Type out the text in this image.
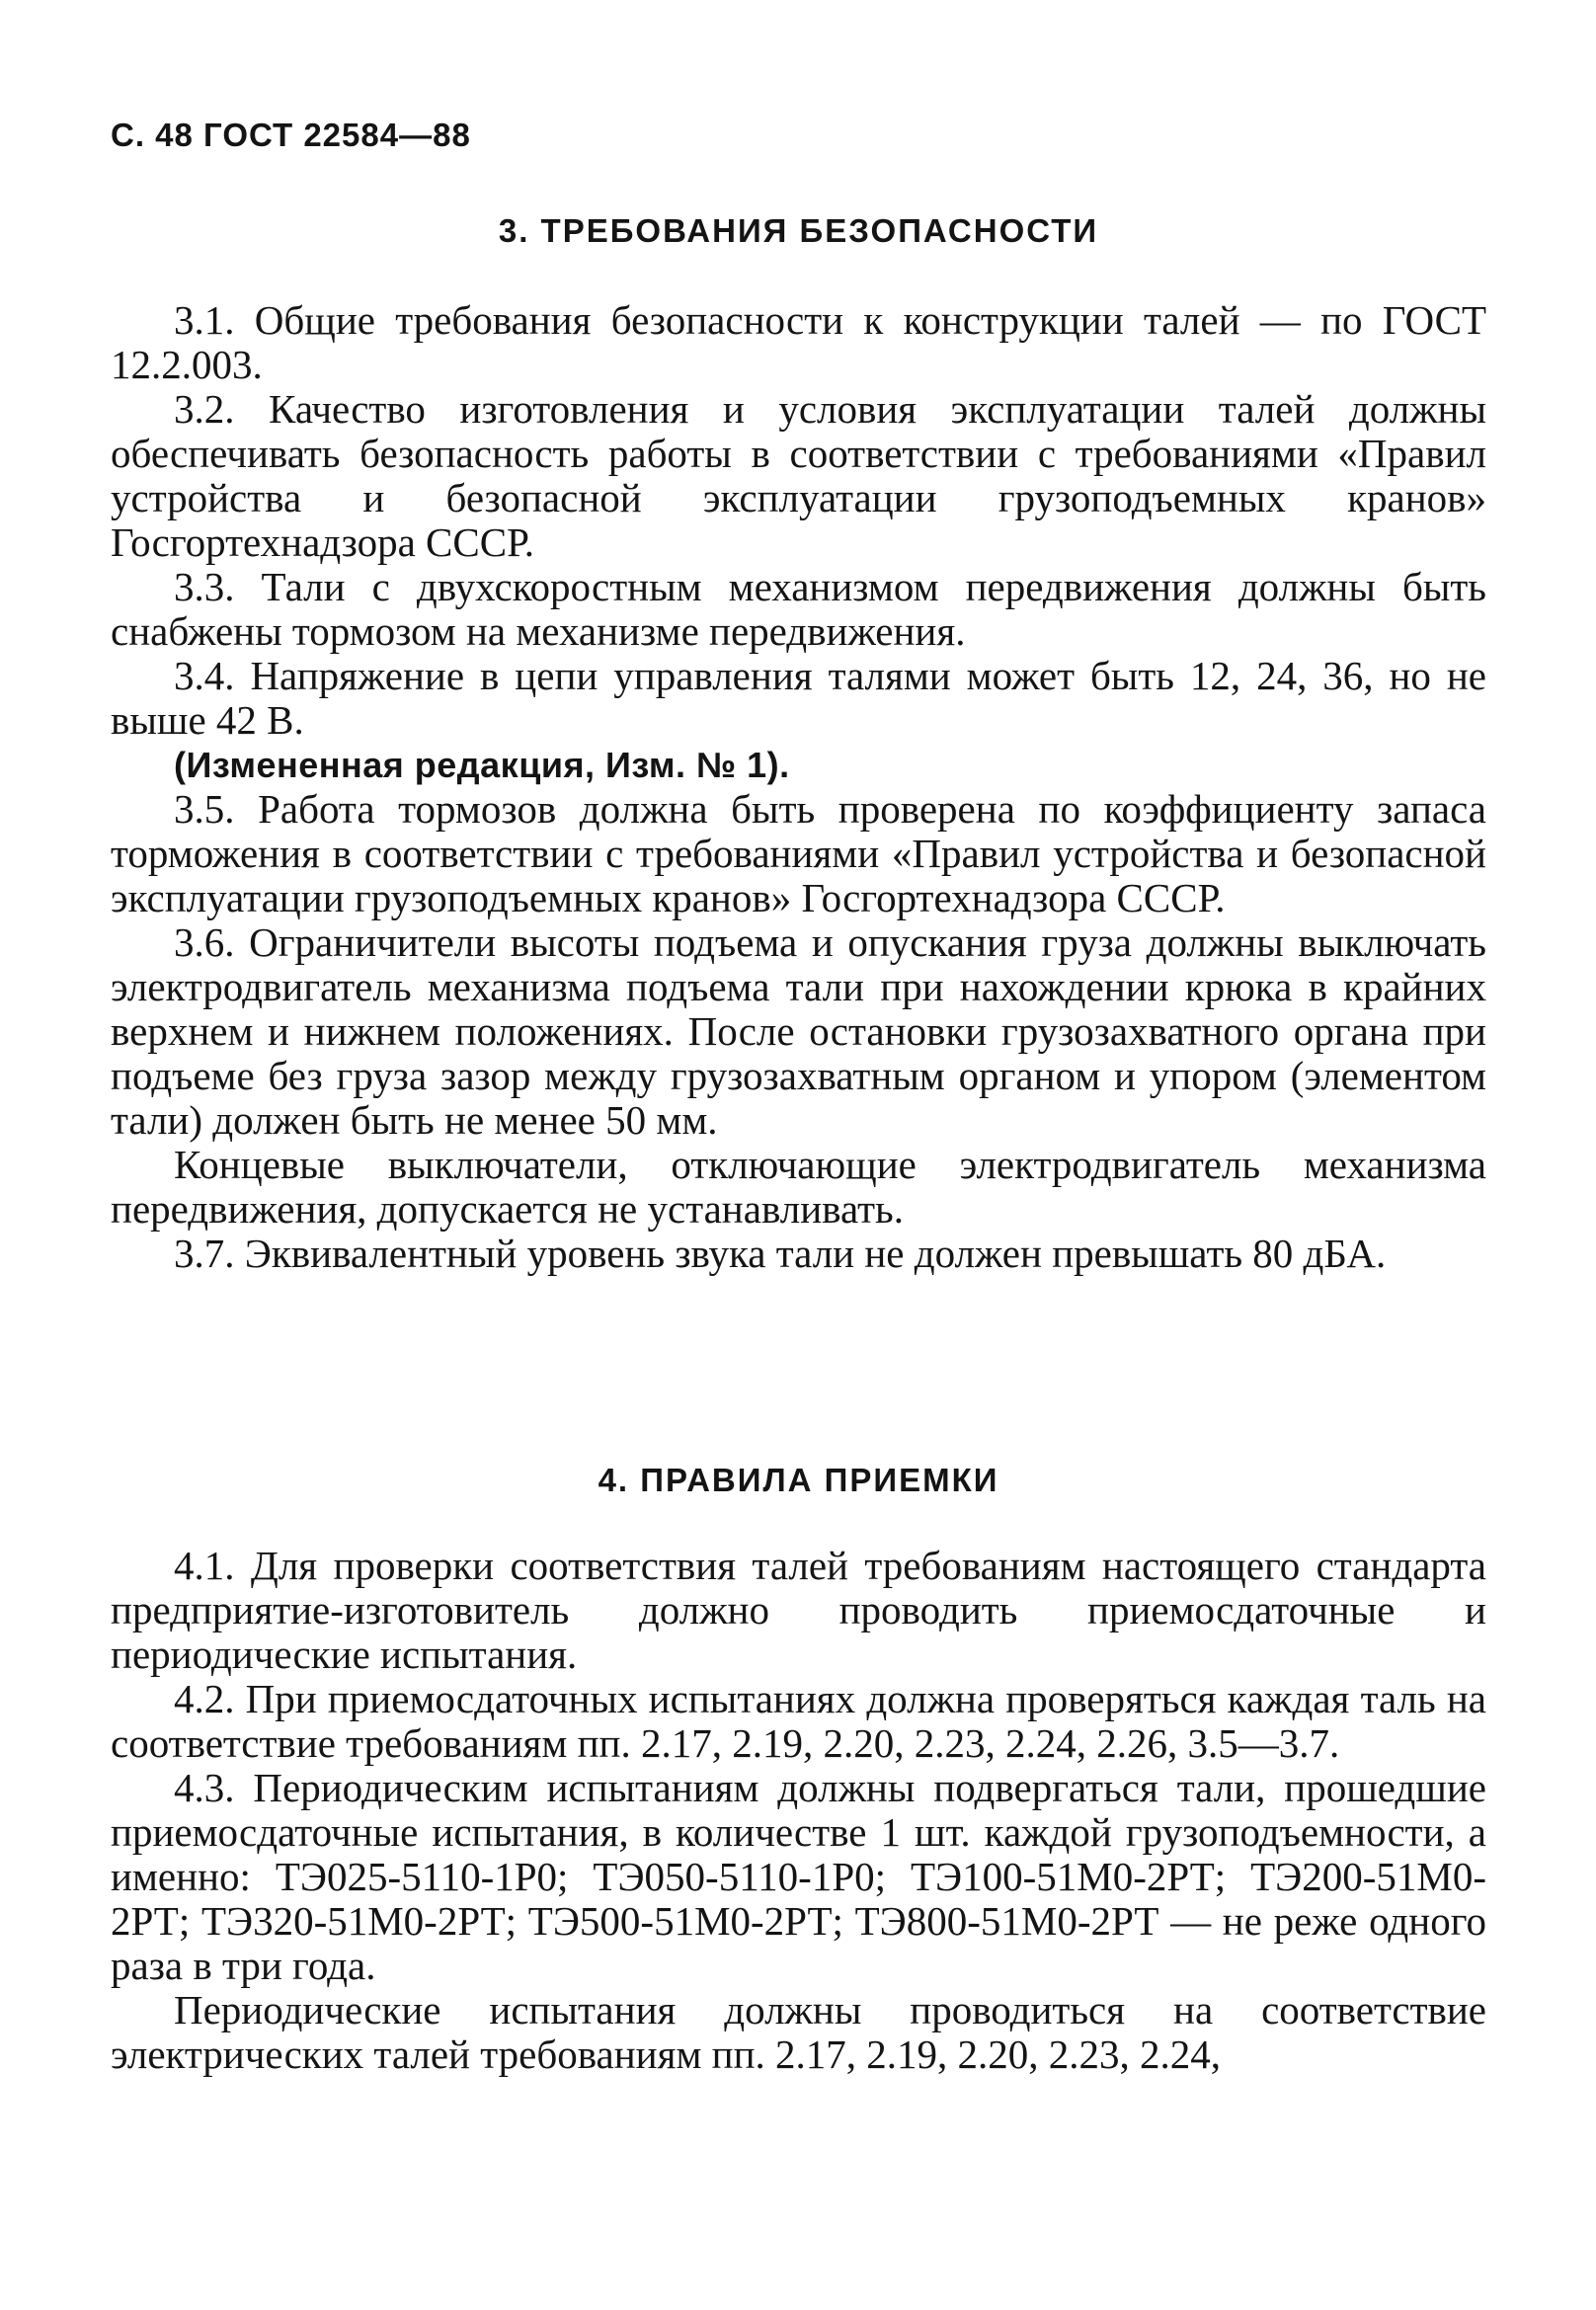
С. 48 ГОСТ 22584—88
3. ТРЕБОВАНИЯ БЕЗОПАСНОСТИ

3.1. Общие требования безопасности к конструкции талей — по ГОСТ 12.2.003.

3.2. Качество изготовления и условия эксплуатации талей должны обеспечивать безопасность работы в соответствии с требованиями «Правил устройства и безопасной эксплуатации грузоподъемных кранов» Госгортехнадзора СССР.

3.3. Тали с двухскоростным механизмом передвижения должны быть снабжены тормозом на механизме передвижения.

3.4. Напряжение в цепи управления талями может быть 12, 24, 36, но не выше 42 В.

(Измененная редакция, Изм. № 1).

3.5. Работа тормозов должна быть проверена по коэффициенту запаса торможения в соответствии с требованиями «Правил устройства и безопасной эксплуатации грузоподъемных кранов» Госгортехнадзора СССР.

3.6. Ограничители высоты подъема и опускания груза должны выключать электродвигатель механизма подъема тали при нахождении крюка в крайних верхнем и нижнем положениях. После остановки грузозахватного органа при подъеме без груза зазор между грузозахватным органом и упором (элементом тали) должен быть не менее 50 мм.

Концевые выключатели, отключающие электродвигатель механизма передвижения, допускается не устанавливать.

3.7. Эквивалентный уровень звука тали не должен превышать 80 дБА.

4. ПРАВИЛА ПРИЕМКИ

4.1. Для проверки соответствия талей требованиям настоящего стандарта предприятие-изготовитель должно проводить приемосдаточные и периодические испытания.

4.2. При приемосдаточных испытаниях должна проверяться каждая таль на соответствие требованиям пп. 2.17, 2.19, 2.20, 2.23, 2.24, 2.26, 3.5—3.7.

4.3. Периодическим испытаниям должны подвергаться тали, прошедшие приемосдаточные испытания, в количестве 1 шт. каждой грузоподъемности, а именно: ТЭ025-5110-1Р0; ТЭ050-5110-1Р0; ТЭ100-51М0-2РТ; ТЭ200-51М0-2РТ; ТЭ320-51М0-2РТ; ТЭ500-51М0-2РТ; ТЭ800-51М0-2РТ — не реже одного раза в три года.

Периодические испытания должны проводиться на соответствие электрических талей требованиям пп. 2.17, 2.19, 2.20, 2.23, 2.24,
